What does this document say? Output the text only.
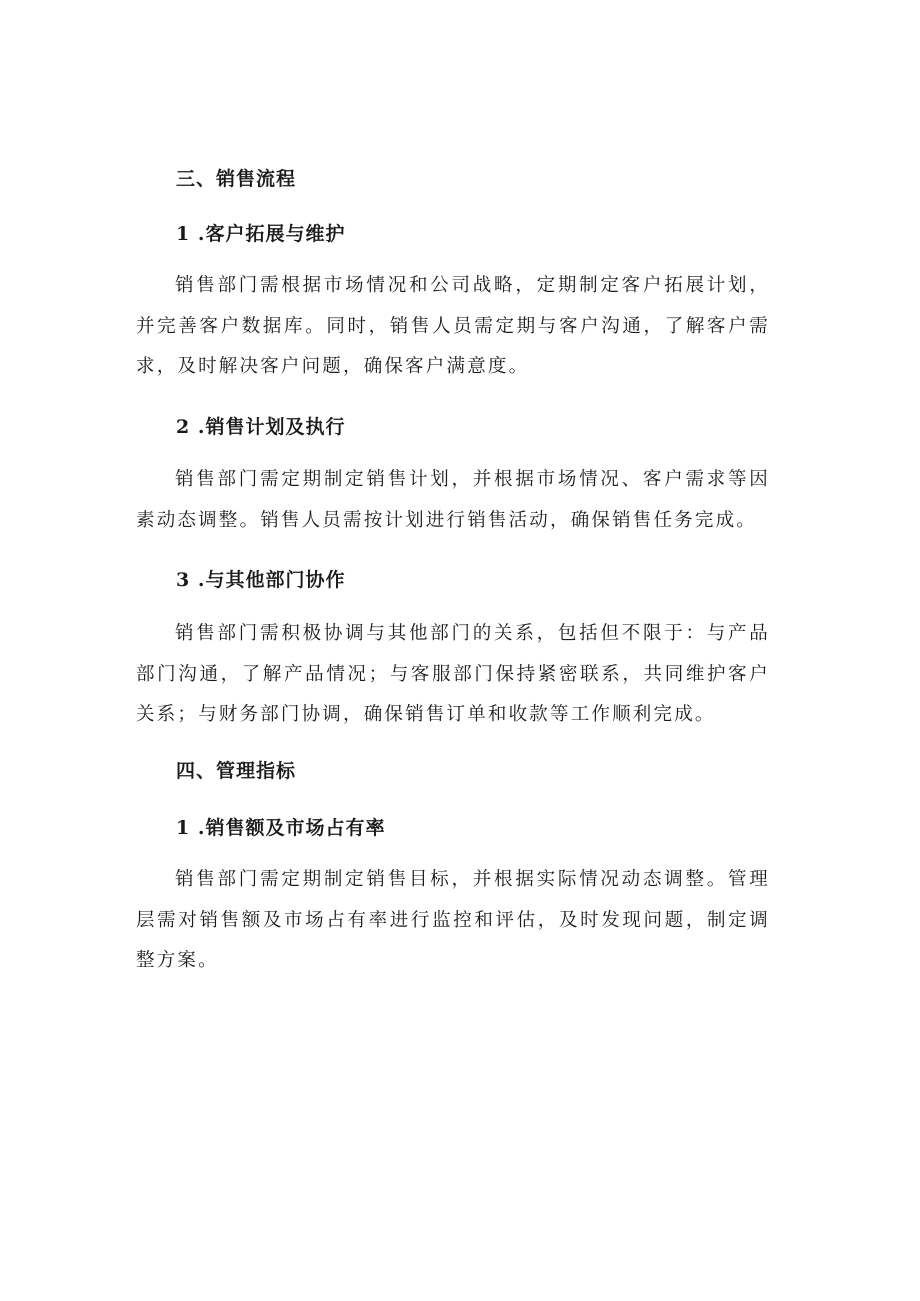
三、销售流程
1 .客户拓展与维护

销售部门需根据市场情况和公司战略，定期制定客户拓展计划，并完善客户数据库。同时，销售人员需定期与客户沟通，了解客户需求，及时解决客户问题，确保客户满意度。

2 .销售计划及执行

销售部门需定期制定销售计划，并根据市场情况、客户需求等因素动态调整。销售人员需按计划进行销售活动，确保销售任务完成。

3 .与其他部门协作

销售部门需积极协调与其他部门的关系，包括但不限于：与产品部门沟通，了解产品情况；与客服部门保持紧密联系，共同维护客户关系；与财务部门协调，确保销售订单和收款等工作顺利完成。

四、管理指标
1 .销售额及市场占有率

销售部门需定期制定销售目标，并根据实际情况动态调整。管理层需对销售额及市场占有率进行监控和评估，及时发现问题，制定调整方案。
